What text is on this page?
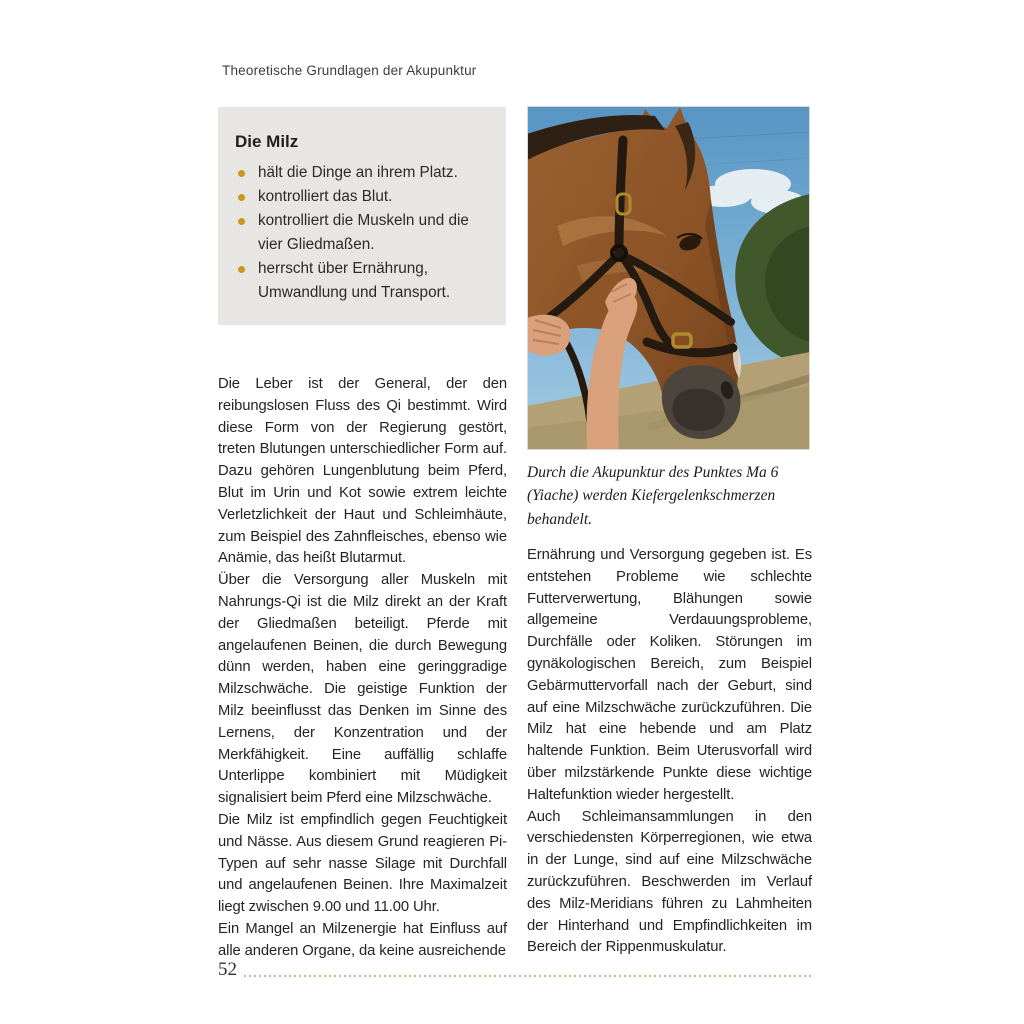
Theoretische Grundlagen der Akupunktur

Die Milz

hält die Dinge an ihrem Platz.
kontrolliert das Blut.
kontrolliert die Muskeln und die vier Gliedmaßen.
herrscht über Ernährung, Umwandlung und Transport.
Durch die Akupunktur des Punktes Ma 6 (Yiache) werden Kiefergelenkschmerzen behandelt.

Die Leber ist der General, der den reibungslosen Fluss des Qi bestimmt. Wird diese Form von der Regierung gestört, treten Blutungen unterschiedlicher Form auf. Dazu gehören Lungenblutung beim Pferd, Blut im Urin und Kot sowie extrem leichte Verletzlichkeit der Haut und Schleimhäute, zum Beispiel des Zahnfleisches, ebenso wie Anämie, das heißt Blutarmut.

Über die Versorgung aller Muskeln mit Nahrungs-Qi ist die Milz direkt an der Kraft der Gliedmaßen beteiligt. Pferde mit angelaufenen Beinen, die durch Bewegung dünn werden, haben eine geringgradige Milzschwäche. Die geistige Funktion der Milz beeinflusst das Denken im Sinne des Lernens, der Konzentration und der Merkfähigkeit. Eine auffällig schlaffe Unterlippe kombiniert mit Müdigkeit signalisiert beim Pferd eine Milzschwäche.

Die Milz ist empfindlich gegen Feuchtigkeit und Nässe. Aus diesem Grund reagieren Pi-Typen auf sehr nasse Silage mit Durchfall und angelaufenen Beinen. Ihre Maximalzeit liegt zwischen 9.00 und 11.00 Uhr.

Ein Mangel an Milzenergie hat Einfluss auf alle anderen Organe, da keine ausreichende

Ernährung und Versorgung gegeben ist. Es entstehen Probleme wie schlechte Futterverwertung, Blähungen sowie allgemeine Verdauungsprobleme, Durchfälle oder Koliken. Störungen im gynäkologischen Bereich, zum Beispiel Gebärmuttervorfall nach der Geburt, sind auf eine Milzschwäche zurückzuführen. Die Milz hat eine hebende und am Platz haltende Funktion. Beim Uterusvorfall wird über milzstärkende Punkte diese wichtige Haltefunktion wieder hergestellt.

Auch Schleimansammlungen in den verschiedensten Körperregionen, wie etwa in der Lunge, sind auf eine Milzschwäche zurückzuführen. Beschwerden im Verlauf des Milz-Meridians führen zu Lahmheiten der Hinterhand und Empfindlichkeiten im Bereich der Rippenmuskulatur.

52
